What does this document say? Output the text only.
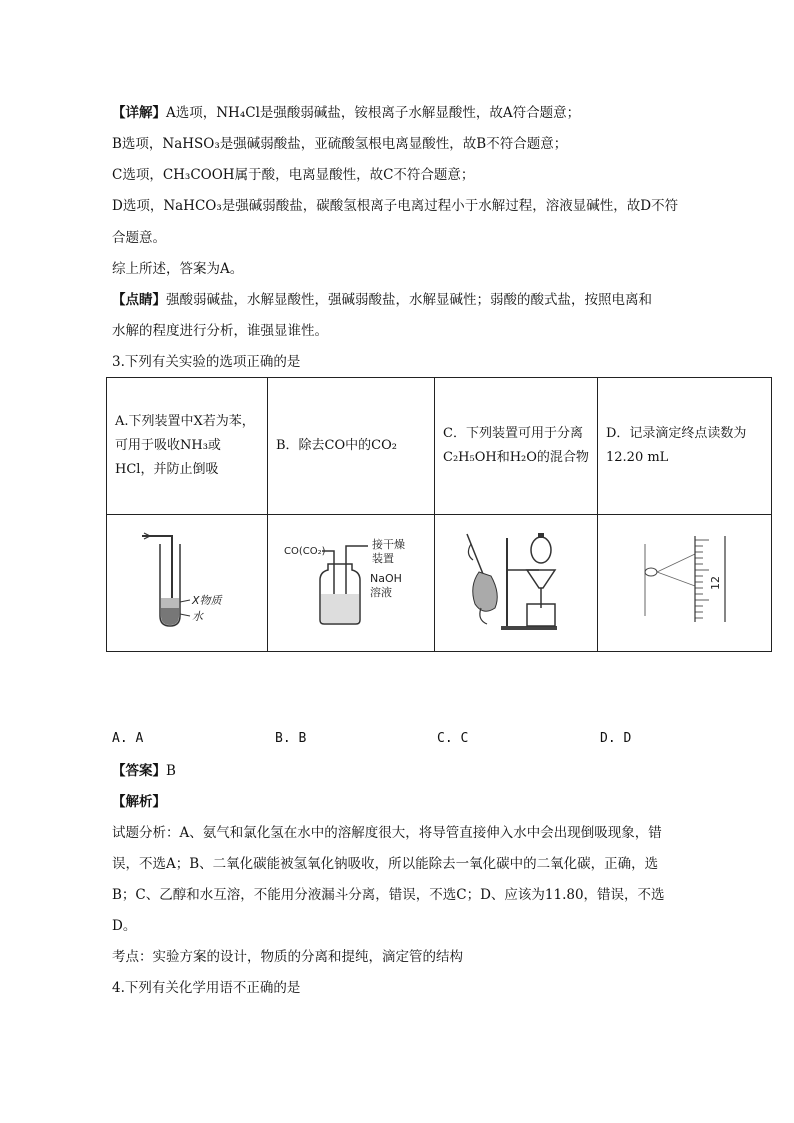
【详解】A选项，NH₄Cl是强酸弱碱盐，铵根离子水解显酸性，故A符合题意；
B选项，NaHSO₃是强碱弱酸盐，亚硫酸氢根电离显酸性，故B不符合题意；
C选项，CH₃COOH属于酸，电离显酸性，故C不符合题意；
D选项，NaHCO₃是强碱弱酸盐，碳酸氢根离子电离过程小于水解过程，溶液显碱性，故D不符
合题意。
综上所述，答案为A。
【点睛】强酸弱碱盐，水解显酸性，强碱弱酸盐，水解显碱性；弱酸的酸式盐，按照电离和
水解的程度进行分析，谁强显谁性。
3.下列有关实验的选项正确的是
A.下列装置中X若为苯，可用于吸收NH₃或HCl，并防止倒吸	B．除去CO中的CO₂	C．下列装置可用于分离C₂H₅OH和H₂O的混合物	D．记录滴定终点读数为12.20 mL

X物质
水	CO(CO₂)
接干燥
装置
NaOH
溶液		12
A. A	B. B	C. C	D. D
【答案】B
【解析】
试题分析：A、氨气和氯化氢在水中的溶解度很大，将导管直接伸入水中会出现倒吸现象，错
误，不选A；B、二氧化碳能被氢氧化钠吸收，所以能除去一氧化碳中的二氧化碳，正确，选
B；C、乙醇和水互溶，不能用分液漏斗分离，错误，不选C；D、应该为11.80，错误，不选
D。
考点：实验方案的设计，物质的分离和提纯，滴定管的结构
4.下列有关化学用语不正确的是
